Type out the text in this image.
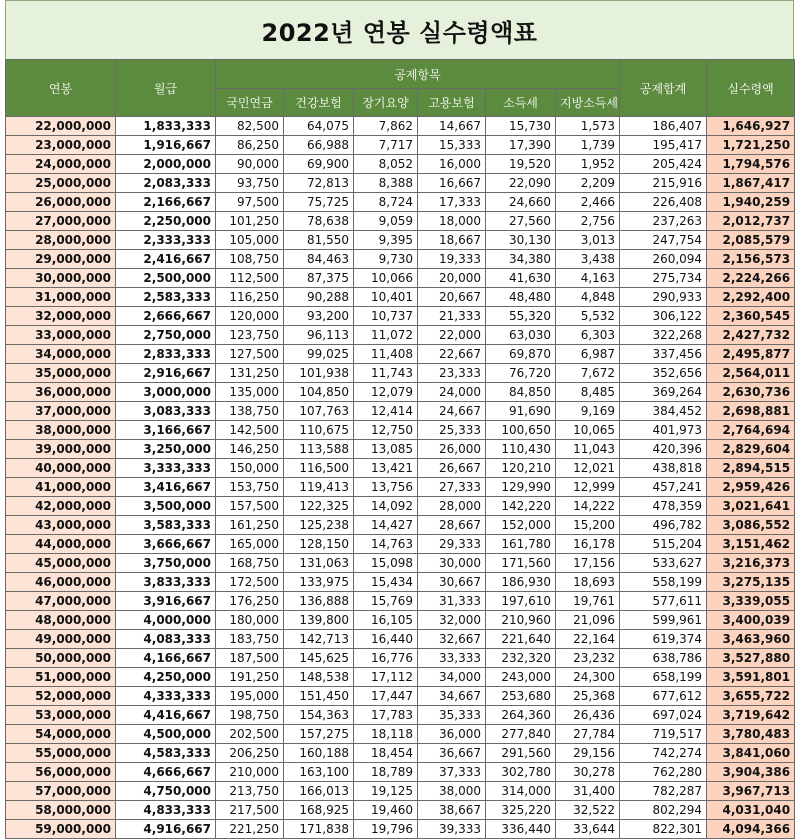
2022년 연봉 실수령액표
연봉	월급	공제항목						공제합계	실수령액
		국민연금	건강보험	장기요양	고용보험	소득세	지방소득세		
22,000,000	1,833,333	82,500	64,075	7,862	14,667	15,730	1,573	186,407	1,646,927
23,000,000	1,916,667	86,250	66,988	7,717	15,333	17,390	1,739	195,417	1,721,250
24,000,000	2,000,000	90,000	69,900	8,052	16,000	19,520	1,952	205,424	1,794,576
25,000,000	2,083,333	93,750	72,813	8,388	16,667	22,090	2,209	215,916	1,867,417
26,000,000	2,166,667	97,500	75,725	8,724	17,333	24,660	2,466	226,408	1,940,259
27,000,000	2,250,000	101,250	78,638	9,059	18,000	27,560	2,756	237,263	2,012,737
28,000,000	2,333,333	105,000	81,550	9,395	18,667	30,130	3,013	247,754	2,085,579
29,000,000	2,416,667	108,750	84,463	9,730	19,333	34,380	3,438	260,094	2,156,573
30,000,000	2,500,000	112,500	87,375	10,066	20,000	41,630	4,163	275,734	2,224,266
31,000,000	2,583,333	116,250	90,288	10,401	20,667	48,480	4,848	290,933	2,292,400
32,000,000	2,666,667	120,000	93,200	10,737	21,333	55,320	5,532	306,122	2,360,545
33,000,000	2,750,000	123,750	96,113	11,072	22,000	63,030	6,303	322,268	2,427,732
34,000,000	2,833,333	127,500	99,025	11,408	22,667	69,870	6,987	337,456	2,495,877
35,000,000	2,916,667	131,250	101,938	11,743	23,333	76,720	7,672	352,656	2,564,011
36,000,000	3,000,000	135,000	104,850	12,079	24,000	84,850	8,485	369,264	2,630,736
37,000,000	3,083,333	138,750	107,763	12,414	24,667	91,690	9,169	384,452	2,698,881
38,000,000	3,166,667	142,500	110,675	12,750	25,333	100,650	10,065	401,973	2,764,694
39,000,000	3,250,000	146,250	113,588	13,085	26,000	110,430	11,043	420,396	2,829,604
40,000,000	3,333,333	150,000	116,500	13,421	26,667	120,210	12,021	438,818	2,894,515
41,000,000	3,416,667	153,750	119,413	13,756	27,333	129,990	12,999	457,241	2,959,426
42,000,000	3,500,000	157,500	122,325	14,092	28,000	142,220	14,222	478,359	3,021,641
43,000,000	3,583,333	161,250	125,238	14,427	28,667	152,000	15,200	496,782	3,086,552
44,000,000	3,666,667	165,000	128,150	14,763	29,333	161,780	16,178	515,204	3,151,462
45,000,000	3,750,000	168,750	131,063	15,098	30,000	171,560	17,156	533,627	3,216,373
46,000,000	3,833,333	172,500	133,975	15,434	30,667	186,930	18,693	558,199	3,275,135
47,000,000	3,916,667	176,250	136,888	15,769	31,333	197,610	19,761	577,611	3,339,055
48,000,000	4,000,000	180,000	139,800	16,105	32,000	210,960	21,096	599,961	3,400,039
49,000,000	4,083,333	183,750	142,713	16,440	32,667	221,640	22,164	619,374	3,463,960
50,000,000	4,166,667	187,500	145,625	16,776	33,333	232,320	23,232	638,786	3,527,880
51,000,000	4,250,000	191,250	148,538	17,112	34,000	243,000	24,300	658,199	3,591,801
52,000,000	4,333,333	195,000	151,450	17,447	34,667	253,680	25,368	677,612	3,655,722
53,000,000	4,416,667	198,750	154,363	17,783	35,333	264,360	26,436	697,024	3,719,642
54,000,000	4,500,000	202,500	157,275	18,118	36,000	277,840	27,784	719,517	3,780,483
55,000,000	4,583,333	206,250	160,188	18,454	36,667	291,560	29,156	742,274	3,841,060
56,000,000	4,666,667	210,000	163,100	18,789	37,333	302,780	30,278	762,280	3,904,386
57,000,000	4,750,000	213,750	166,013	19,125	38,000	314,000	31,400	782,287	3,967,713
58,000,000	4,833,333	217,500	168,925	19,460	38,667	325,220	32,522	802,294	4,031,040
59,000,000	4,916,667	221,250	171,838	19,796	39,333	336,440	33,644	822,301	4,094,366
